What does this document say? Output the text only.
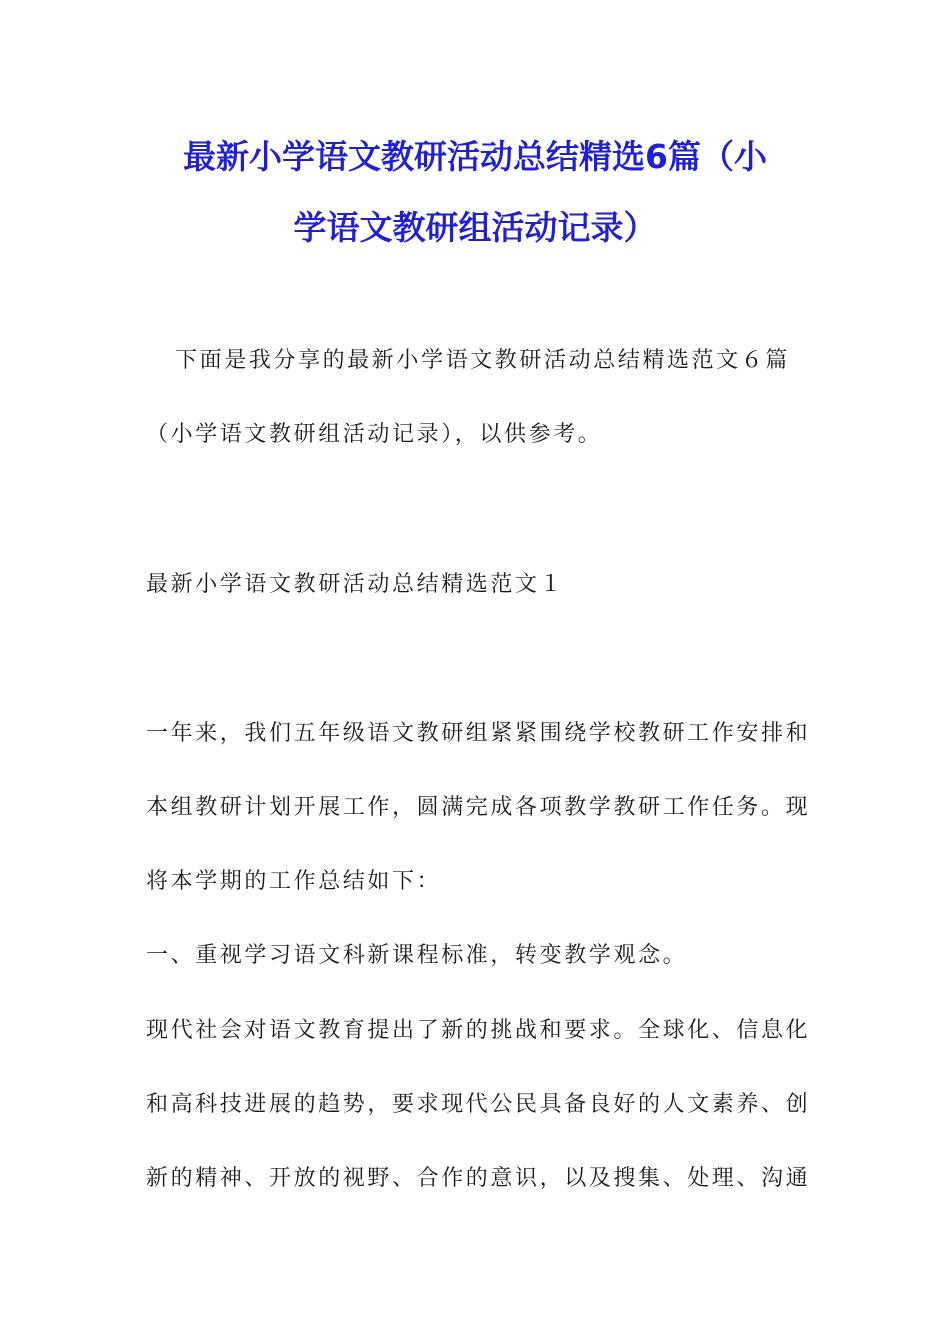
最新小学语文教研活动总结精选6篇（小
学语文教研组活动记录）
下面是我分享的最新小学语文教研活动总结精选范文６篇
（小学语文教研组活动记录），以供参考。
最新小学语文教研活动总结精选范文１
一年来，我们五年级语文教研组紧紧围绕学校教研工作安排和
本组教研计划开展工作，圆满完成各项教学教研工作任务。现
将本学期的工作总结如下：
一、重视学习语文科新课程标准，转变教学观念。
现代社会对语文教育提出了新的挑战和要求。全球化、信息化
和高科技进展的趋势，要求现代公民具备良好的人文素养、创
新的精神、开放的视野、合作的意识，以及搜集、处理、沟通
